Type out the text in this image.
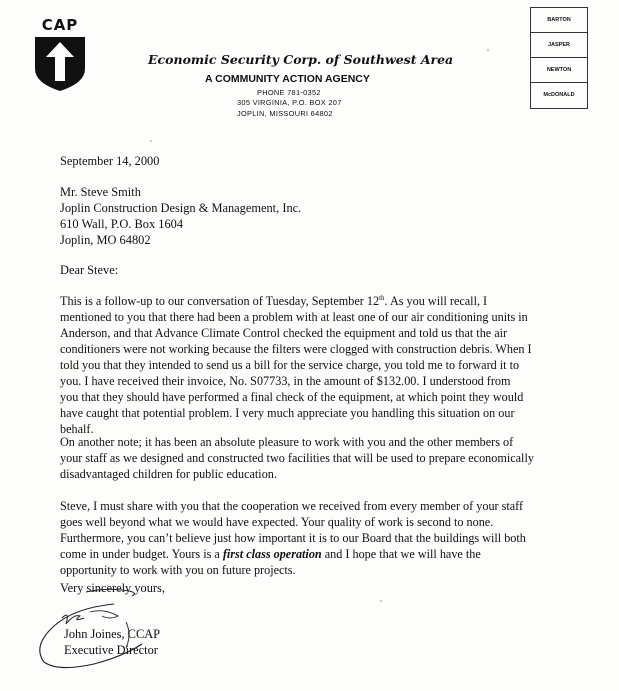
CAP
Economic Security Corp. of Southwest Area
A COMMUNITY ACTION AGENCY
PHONE 781-0352
305 VIRGINIA, P.O. BOX 207
JOPLIN, MISSOURI 64802
BARTON
JASPER
NEWTON
McDONALD
September 14, 2000
Mr. Steve Smith
Joplin Construction Design & Management, Inc.
610 Wall, P.O. Box 1604
Joplin, MO 64802
Dear Steve:
This is a follow-up to our conversation of Tuesday, September 12th. As you will recall, I
mentioned to you that there had been a problem with at least one of our air conditioning units in
Anderson, and that Advance Climate Control checked the equipment and told us that the air
conditioners were not working because the filters were clogged with construction debris. When I
told you that they intended to send us a bill for the service charge, you told me to forward it to
you. I have received their invoice, No. S07733, in the amount of $132.00. I understood from
you that they should have performed a final check of the equipment, at which point they would
have caught that potential problem. I very much appreciate you handling this situation on our
behalf.
On another note; it has been an absolute pleasure to work with you and the other members of
your staff as we designed and constructed two facilities that will be used to prepare economically
disadvantaged children for public education.
Steve, I must share with you that the cooperation we received from every member of your staff
goes well beyond what we would have expected. Your quality of work is second to none.
Furthermore, you can’t believe just how important it is to our Board that the buildings will both
come in under budget. Yours is a first class operation and I hope that we will have the
opportunity to work with you on future projects.
Very sincerely yours,
John Joines, CCAP
Executive Director
